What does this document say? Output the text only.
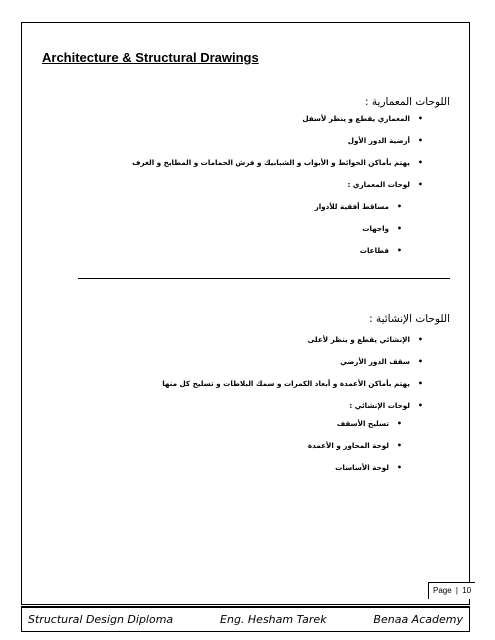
Architecture & Structural Drawings
اللوحات المعمارية :
• المعماري يقطع و ينظر لأسفل
• أرضية الدور الأول
• يهتم بأماكن الحوائط و الأبواب و الشبابيك و فرش الحمامات و المطابخ و الغرف
• لوحات المعماري :
• مساقط أفقية للأدوار
• واجهات
• قطاعات
اللوحات الإنشائية :
• الإنشائي يقطع و ينظر لأعلى
• سقف الدور الأرضي
• يهتم بأماكن الأعمدة و أبعاد الكمرات و سمك البلاطات و تسليح كل منها
• لوحات الإنشائي :
• تسليح الأسقف
• لوحة المحاور و الأعمدة
• لوحة الأساسات
Page | 10
Structural Design Diploma	Eng. Hesham Tarek	Benaa Academy
